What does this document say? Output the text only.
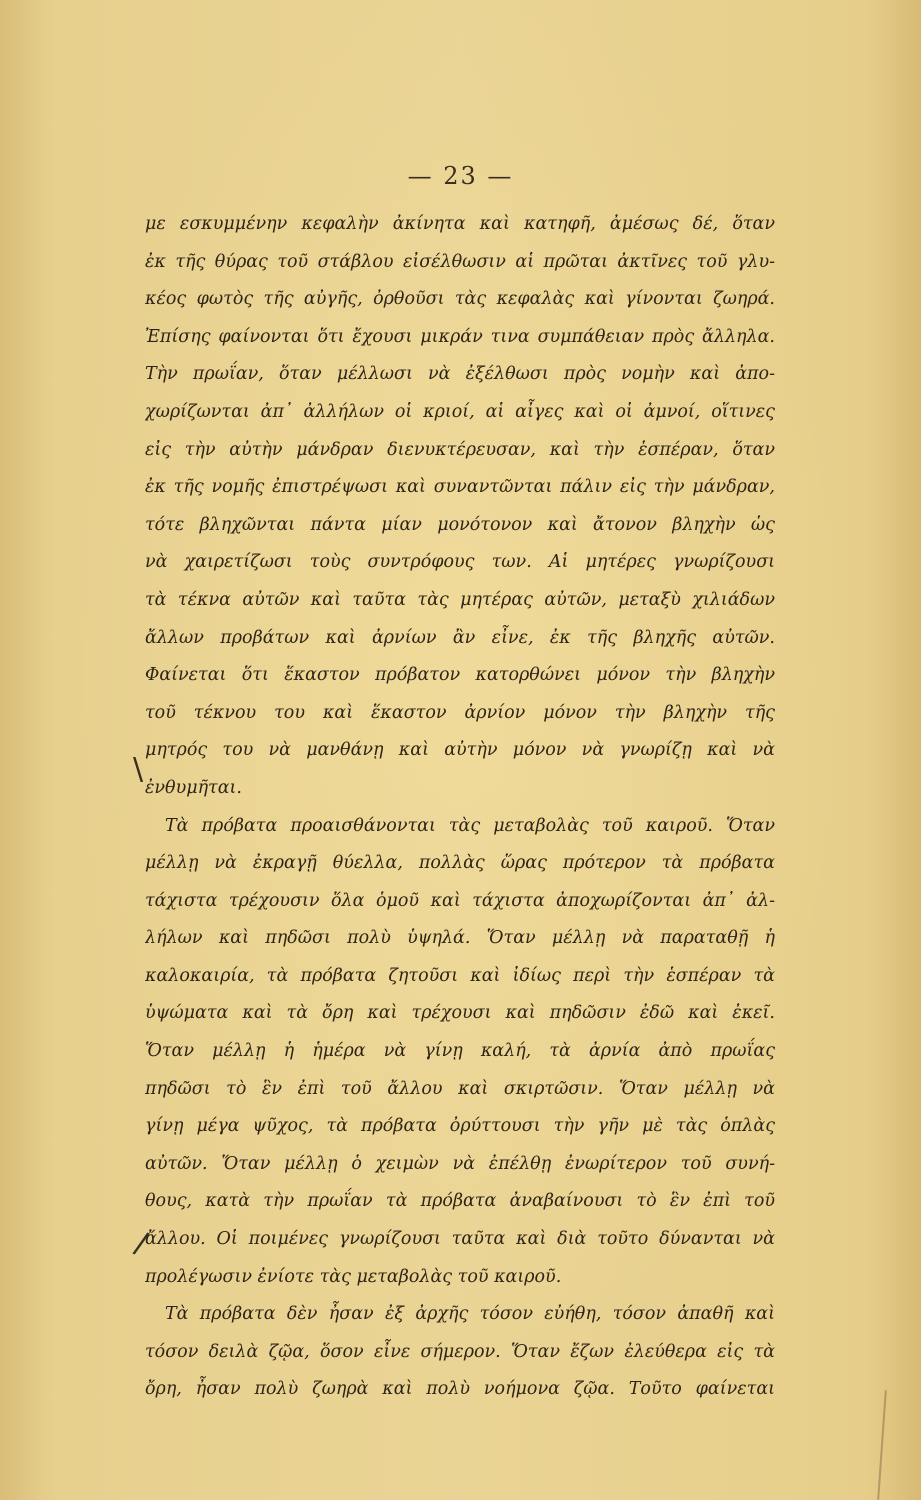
— 23 —
\
/
με εσκυμμένην κεφαλὴν ἀκίνητα καὶ κατηφῆ, ἀμέσως δέ, ὅταν
ἐκ τῆς θύρας τοῦ στάβλου εἰσέλθωσιν αἱ πρῶται ἀκτῖνες τοῦ γλυ-
κέος φωτὸς τῆς αὐγῆς, ὀρθοῦσι τὰς κεφαλὰς καὶ γίνονται ζωηρά.
Ἐπίσης φαίνονται ὅτι ἔχουσι μικράν τινα συμπάθειαν πρὸς ἄλληλα.
Τὴν πρωΐαν, ὅταν μέλλωσι νὰ ἐξέλθωσι πρὸς νομὴν καὶ ἀπο-
χωρίζωνται ἀπ᾿ ἀλλήλων οἱ κριοί, αἱ αἶγες καὶ οἱ ἀμνοί, οἵτινες
εἰς τὴν αὐτὴν μάνδραν διενυκτέρευσαν, καὶ τὴν ἑσπέραν, ὅταν
ἐκ τῆς νομῆς ἐπιστρέψωσι καὶ συναντῶνται πάλιν εἰς τὴν μάνδραν,
τότε βληχῶνται πάντα μίαν μονότονον καὶ ἄτονον βληχὴν ὡς
νὰ χαιρετίζωσι τοὺς συντρόφους των. Αἱ μητέρες γνωρίζουσι
τὰ τέκνα αὐτῶν καὶ ταῦτα τὰς μητέρας αὐτῶν, μεταξὺ χιλιάδων
ἄλλων προβάτων καὶ ἀρνίων ἂν εἶνε, ἐκ τῆς βληχῆς αὐτῶν.
Φαίνεται ὅτι ἕκαστον πρόβατον κατορθώνει μόνον τὴν βληχὴν
τοῦ τέκνου του καὶ ἕκαστον ἀρνίον μόνον τὴν βληχὴν τῆς
μητρός του νὰ μανθάνῃ καὶ αὐτὴν μόνον νὰ γνωρίζῃ καὶ νὰ
ἐνθυμῆται.
Τὰ πρόβατα προαισθάνονται τὰς μεταβολὰς τοῦ καιροῦ. Ὅταν
μέλλῃ νὰ ἐκραγῇ θύελλα, πολλὰς ὥρας πρότερον τὰ πρόβατα
τάχιστα τρέχουσιν ὅλα ὁμοῦ καὶ τάχιστα ἀποχωρίζονται ἀπ᾿ ἀλ-
λήλων καὶ πηδῶσι πολὺ ὑψηλά. Ὅταν μέλλῃ νὰ παραταθῇ ἡ
καλοκαιρία, τὰ πρόβατα ζητοῦσι καὶ ἰδίως περὶ τὴν ἑσπέραν τὰ
ὑψώματα καὶ τὰ ὄρη καὶ τρέχουσι καὶ πηδῶσιν ἐδῶ καὶ ἐκεῖ.
Ὅταν μέλλῃ ἡ ἡμέρα νὰ γίνῃ καλή, τὰ ἀρνία ἀπὸ πρωΐας
πηδῶσι τὸ ἓν ἐπὶ τοῦ ἄλλου καὶ σκιρτῶσιν. Ὅταν μέλλῃ νὰ
γίνῃ μέγα ψῦχος, τὰ πρόβατα ὀρύττουσι τὴν γῆν μὲ τὰς ὁπλὰς
αὐτῶν. Ὅταν μέλλῃ ὁ χειμὼν νὰ ἐπέλθῃ ἐνωρίτερον τοῦ συνή-
θους, κατὰ τὴν πρωΐαν τὰ πρόβατα ἀναβαίνουσι τὸ ἓν ἐπὶ τοῦ
ἄλλου. Οἱ ποιμένες γνωρίζουσι ταῦτα καὶ διὰ τοῦτο δύνανται νὰ
προλέγωσιν ἐνίοτε τὰς μεταβολὰς τοῦ καιροῦ.
Τὰ πρόβατα δὲν ἦσαν ἐξ ἀρχῆς τόσον εὐήθη, τόσον ἀπαθῆ καὶ
τόσον δειλὰ ζῷα, ὅσον εἶνε σήμερον. Ὅταν ἔζων ἐλεύθερα εἰς τὰ
ὄρη, ἦσαν πολὺ ζωηρὰ καὶ πολὺ νοήμονα ζῷα. Τοῦτο φαίνεται
